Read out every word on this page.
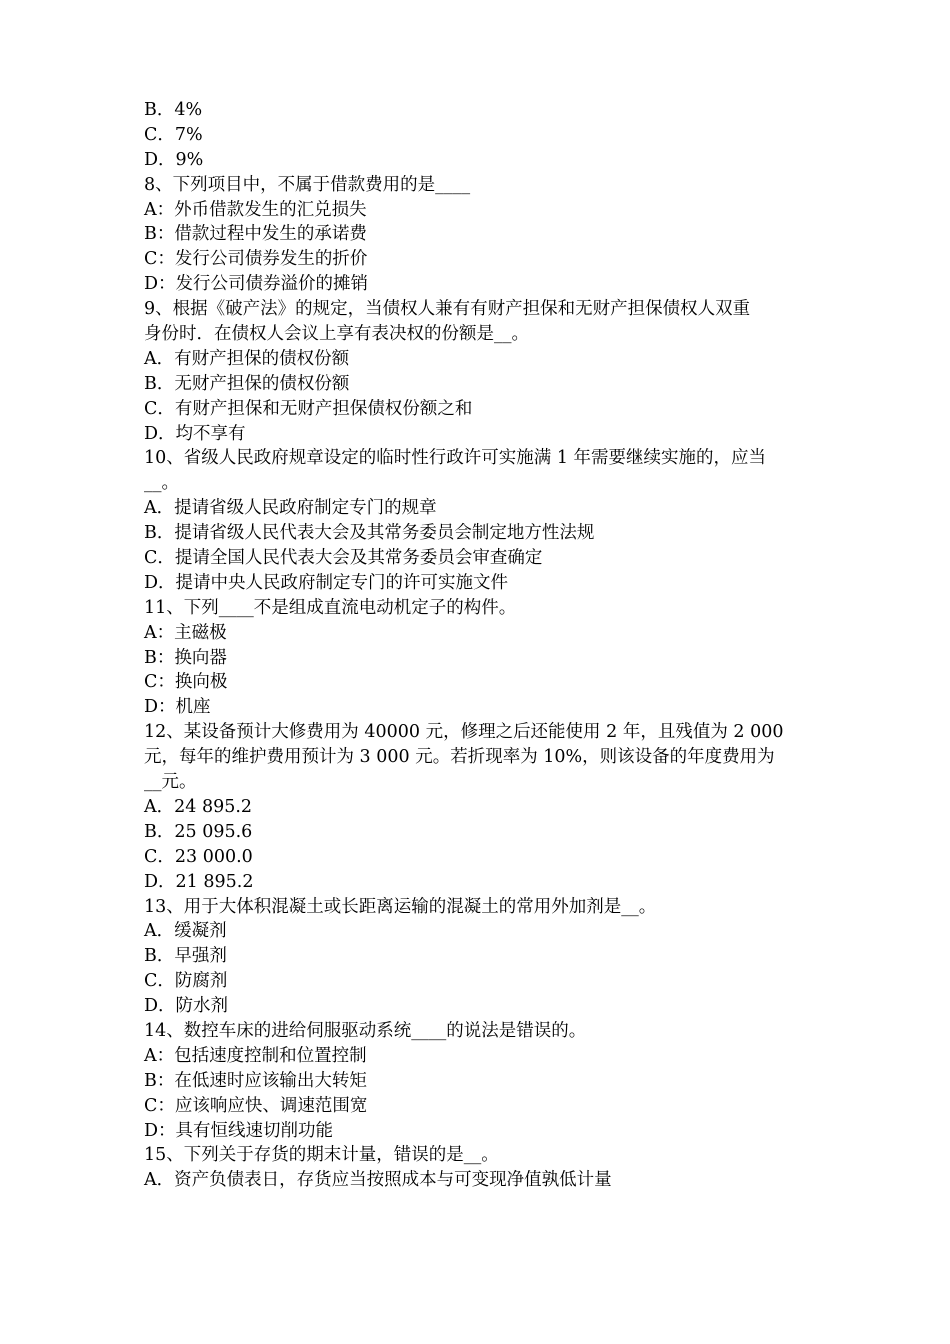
B．4%
C．7%
D．9%
8、下列项目中，不属于借款费用的是____
A：外币借款发生的汇兑损失
B：借款过程中发生的承诺费
C：发行公司债券发生的折价
D：发行公司债券溢价的摊销
9、根据《破产法》的规定，当债权人兼有有财产担保和无财产担保债权人双重
身份时．在债权人会议上享有表决权的份额是__。
A．有财产担保的债权份额
B．无财产担保的债权份额
C．有财产担保和无财产担保债权份额之和
D．均不享有
10、省级人民政府规章设定的临时性行政许可实施满 1 年需要继续实施的，应当
__。
A．提请省级人民政府制定专门的规章
B．提请省级人民代表大会及其常务委员会制定地方性法规
C．提请全国人民代表大会及其常务委员会审查确定
D．提请中央人民政府制定专门的许可实施文件
11、下列____不是组成直流电动机定子的构件。
A：主磁极
B：换向器
C：换向极
D：机座
12、某设备预计大修费用为 40000 元，修理之后还能使用 2 年，且残值为 2 000
元，每年的维护费用预计为 3 000 元。若折现率为 10%，则该设备的年度费用为
__元。
A．24 895.2
B．25 095.6
C．23 000.0
D．21 895.2
13、用于大体积混凝土或长距离运输的混凝土的常用外加剂是__。
A．缓凝剂
B．早强剂
C．防腐剂
D．防水剂
14、数控车床的进给伺服驱动系统____的说法是错误的。
A：包括速度控制和位置控制
B：在低速时应该输出大转矩
C：应该响应快、调速范围宽
D：具有恒线速切削功能
15、下列关于存货的期末计量，错误的是__。
A．资产负债表日，存货应当按照成本与可变现净值孰低计量
